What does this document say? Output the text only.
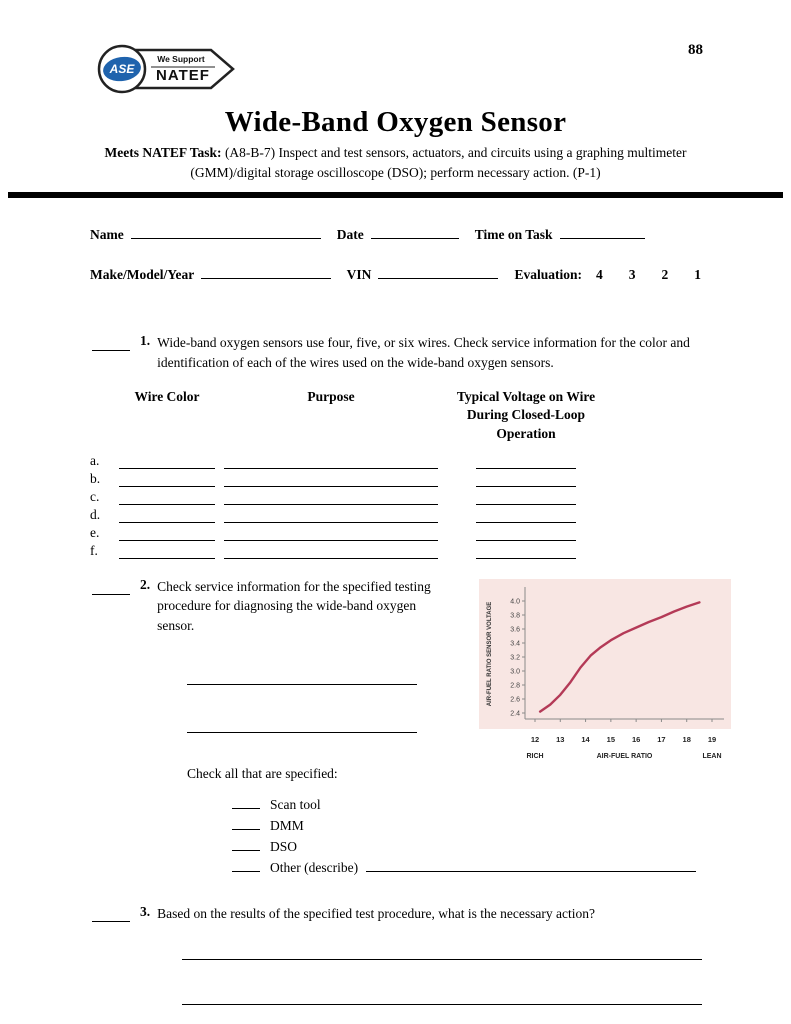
ASE
We Support
NATEF
88
Wide-Band Oxygen Sensor

Meets NATEF Task: (A8-B-7) Inspect and test sensors, actuators, and circuits using a graphing multimeter (GMM)/digital storage oscilloscope (DSO); perform necessary action. (P-1)

Name	Date	Time on Task
Make/Model/Year	VIN	Evaluation: 4 3 2 1
1. Wide-band oxygen sensors use four, five, or six wires. Check service information for the color and identification of each of the wires used on the wide-band oxygen sensors.
Wire Color	Purpose	Typical Voltage on Wire
During Closed-Loop
Operation
a.
b.
c.
d.
e.
f.
2. Check service information for the specified testing procedure for diagnosing the wide-band oxygen sensor.
Check all that are specified:
Scan tool
DMM
DSO
Other (describe)
2.4
2.6
2.8
3.0
3.2
3.4
3.6
3.8
4.0
12 13 14 15 16 17 18 19
RICH	AIR-FUEL RATIO	LEAN
AIR-FUEL RATIO SENSOR VOLTAGE
3. Based on the results of the specified test procedure, what is the necessary action?
